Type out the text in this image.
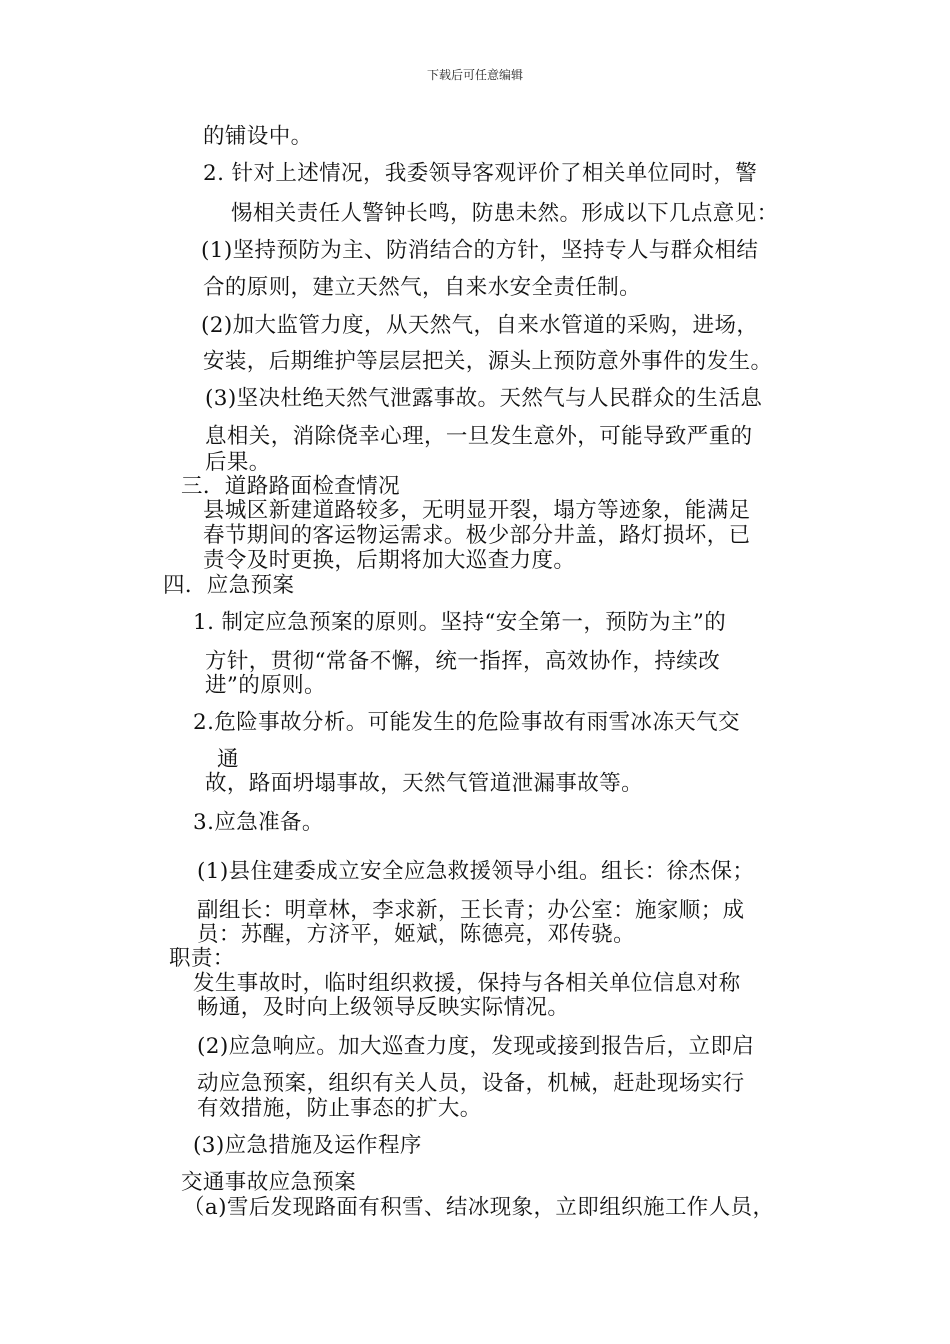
下载后可任意编辑
的铺设中。
2. 针对上述情况，我委领导客观评价了相关单位同时，警
惕相关责任人警钟长鸣，防患未然。形成以下几点意见：
(1)坚持预防为主、防消结合的方针，坚持专人与群众相结
合的原则，建立天然气，自来水安全责任制。
(2)加大监管力度，从天然气，自来水管道的采购，进场，
安装，后期维护等层层把关，源头上预防意外事件的发生。
(3)坚决杜绝天然气泄露事故。天然气与人民群众的生活息
息相关，消除侥幸心理，一旦发生意外，可能导致严重的
后果。
三．道路路面检查情况
县城区新建道路较多，无明显开裂，塌方等迹象，能满足
春节期间的客运物运需求。极少部分井盖，路灯损坏，已
责令及时更换，后期将加大巡查力度。
四．应急预案
1. 制定应急预案的原则。坚持“安全第一，预防为主”的
方针，贯彻“常备不懈，统一指挥，高效协作，持续改
进”的原则。
2.危险事故分析。可能发生的危险事故有雨雪冰冻天气交
通
故，路面坍塌事故，天然气管道泄漏事故等。
3.应急准备。
(1)县住建委成立安全应急救援领导小组。组长：徐杰保；
副组长：明章林，李求新，王长青；办公室：施家顺；成
员：苏醒，方济平，姬斌，陈德亮，邓传骁。
职责：
发生事故时，临时组织救援，保持与各相关单位信息对称
畅通，及时向上级领导反映实际情况。
(2)应急响应。加大巡查力度，发现或接到报告后，立即启
动应急预案，组织有关人员，设备，机械，赶赴现场实行
有效措施，防止事态的扩大。
(3)应急措施及运作程序
交通事故应急预案
（a)雪后发现路面有积雪、结冰现象，立即组织施工作人员，
